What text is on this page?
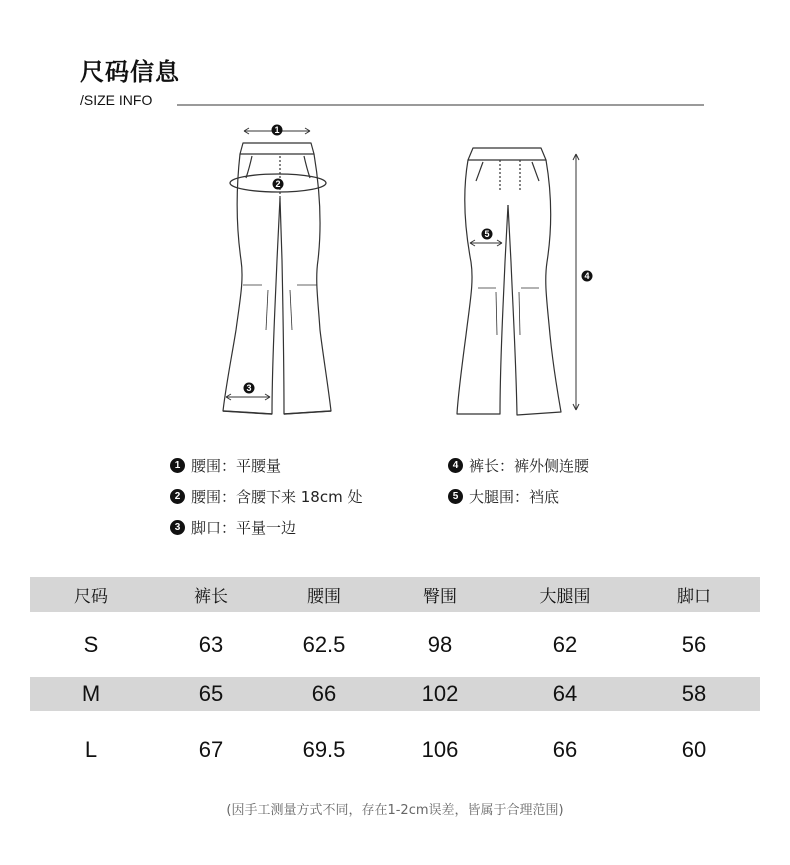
尺码信息
/SIZE INFO
1
2
3
4
5
1 腰围：平腰量
2 腰围：含腰下来 18cm 处
3 脚口：平量一边
4 裤长：裤外侧连腰
5 大腿围：裆底
尺码	裤长	腰围	臀围	大腿围	脚口

S	63	62.5	98	62	56

M	65	66	102	64	58

L	67	69.5	106	66	60
(因手工测量方式不同，存在1-2cm误差，皆属于合理范围)
